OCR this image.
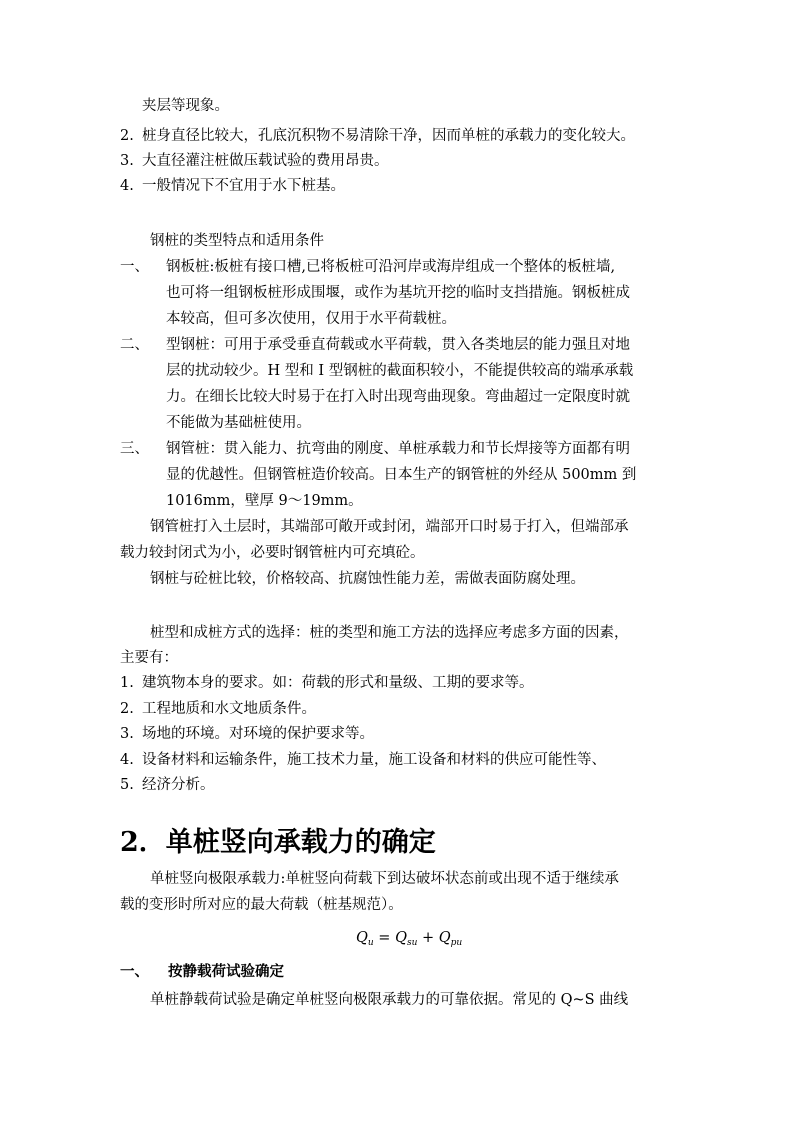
夹层等现象。
2. 桩身直径比较大，孔底沉积物不易清除干净，因而单桩的承载力的变化较大。
3. 大直径灌注桩做压载试验的费用昂贵。
4. 一般情况下不宜用于水下桩基。
钢桩的类型特点和适用条件
一、 钢板桩:板桩有接口槽,已将板桩可沿河岸或海岸组成一个整体的板桩墙,
也可将一组钢板桩形成围堰，或作为基坑开挖的临时支挡措施。钢板桩成
本较高，但可多次使用，仅用于水平荷载桩。
二、 型钢桩：可用于承受垂直荷载或水平荷载，贯入各类地层的能力强且对地
层的扰动较少。H 型和 I 型钢桩的截面积较小，不能提供较高的端承承载
力。在细长比较大时易于在打入时出现弯曲现象。弯曲超过一定限度时就
不能做为基础桩使用。
三、 钢管桩：贯入能力、抗弯曲的刚度、单桩承载力和节长焊接等方面都有明
显的优越性。但钢管桩造价较高。日本生产的钢管桩的外经从 500mm 到
1016mm，壁厚 9～19mm。
钢管桩打入土层时，其端部可敞开或封闭，端部开口时易于打入，但端部承
载力较封闭式为小，必要时钢管桩内可充填砼。
钢桩与砼桩比较，价格较高、抗腐蚀性能力差，需做表面防腐处理。
桩型和成桩方式的选择：桩的类型和施工方法的选择应考虑多方面的因素，
主要有：
1. 建筑物本身的要求。如：荷载的形式和量级、工期的要求等。
2. 工程地质和水文地质条件。
3. 场地的环境。对环境的保护要求等。
4. 设备材料和运输条件，施工技术力量，施工设备和材料的供应可能性等、
5. 经济分析。
2．单桩竖向承载力的确定
单桩竖向极限承载力:单桩竖向荷载下到达破坏状态前或出现不适于继续承
载的变形时所对应的最大荷载（桩基规范）。
$Q_u = Q_{su} + Q_{pu}$
一、 按静载荷试验确定
单桩静载荷试验是确定单桩竖向极限承载力的可靠依据。常见的 Q~S 曲线
